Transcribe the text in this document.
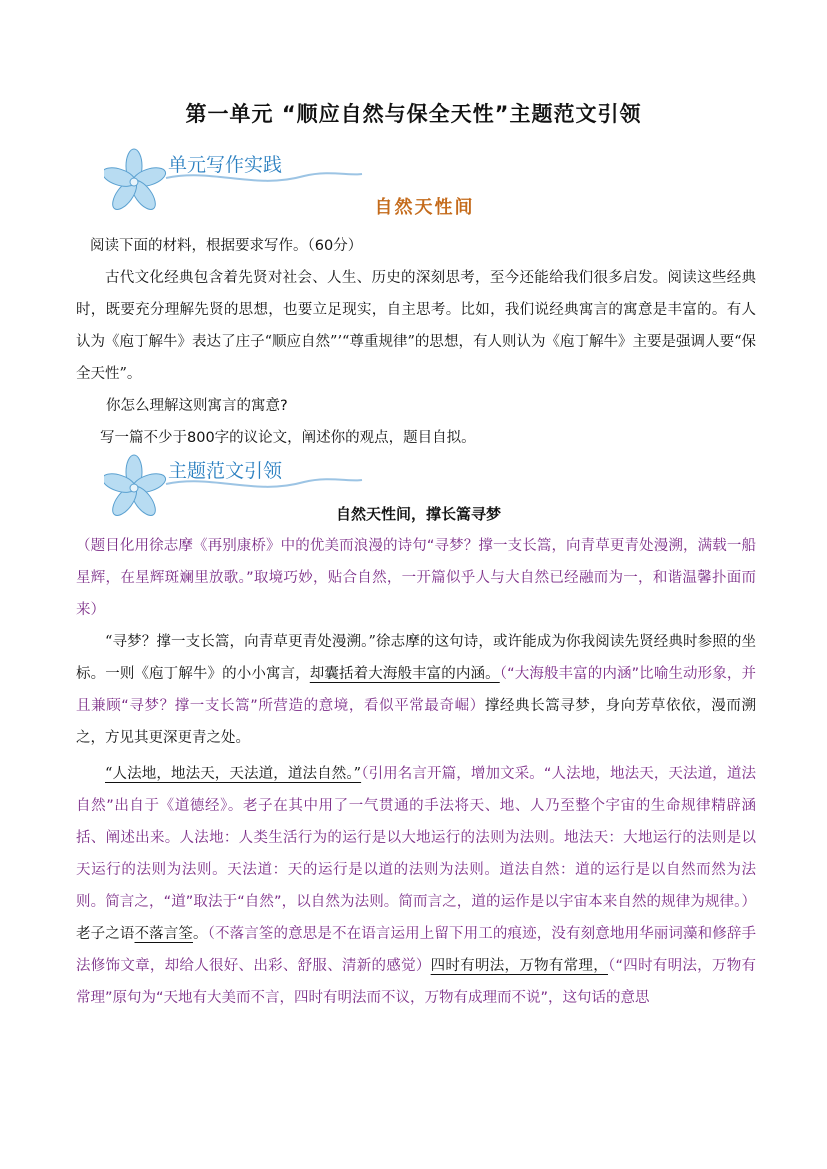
第一单元 “顺应自然与保全天性”主题范文引领
单元写作实践
自然天性间
阅读下面的材料，根据要求写作。（60分）
古代文化经典包含着先贤对社会、人生、历史的深刻思考，至今还能给我们很多启发。阅读这些经典时，既要充分理解先贤的思想，也要立足现实，自主思考。比如，我们说经典寓言的寓意是丰富的。有人认为《庖丁解牛》表达了庄子“顺应自然”’“尊重规律”的思想，有人则认为《庖丁解牛》主要是强调人要“保全天性”。
你怎么理解这则寓言的寓意?
写一篇不少于800字的议论文，阐述你的观点，题目自拟。
主题范文引领
自然天性间，撑长篙寻梦
（题目化用徐志摩《再别康桥》中的优美而浪漫的诗句“寻梦？撑一支长篙，向青草更青处漫溯，满载一船星辉，在星辉斑斓里放歌。”取境巧妙，贴合自然，一开篇似乎人与大自然已经融而为一，和谐温馨扑面而来）
“寻梦？撑一支长篙，向青草更青处漫溯。”徐志摩的这句诗，或许能成为你我阅读先贤经典时参照的坐标。一则《庖丁解牛》的小小寓言，却囊括着大海般丰富的内涵。（“大海般丰富的内涵”比喻生动形象，并且兼顾“寻梦？撑一支长篙”所营造的意境，看似平常最奇崛）撑经典长篙寻梦，身向芳草依依，漫而溯之，方见其更深更青之处。
“人法地，地法天，天法道，道法自然。”（引用名言开篇，增加文采。“人法地，地法天，天法道，道法自然”出自于《道德经》。老子在其中用了一气贯通的手法将天、地、人乃至整个宇宙的生命规律精辟涵括、阐述出来。人法地：人类生活行为的运行是以大地运行的法则为法则。地法天：大地运行的法则是以天运行的法则为法则。天法道：天的运行是以道的法则为法则。道法自然：道的运行是以自然而然为法则。简言之，“道”取法于“自然”，以自然为法则。简而言之，道的运作是以宇宙本来自然的规律为规律。）老子之语不落言筌。（不落言筌的意思是不在语言运用上留下用工的痕迹，没有刻意地用华丽词藻和修辞手法修饰文章，却给人很好、出彩、舒服、清新的感觉）四时有明法，万物有常理，（“四时有明法，万物有常理”原句为“天地有大美而不言，四时有明法而不议，万物有成理而不说”，这句话的意思
